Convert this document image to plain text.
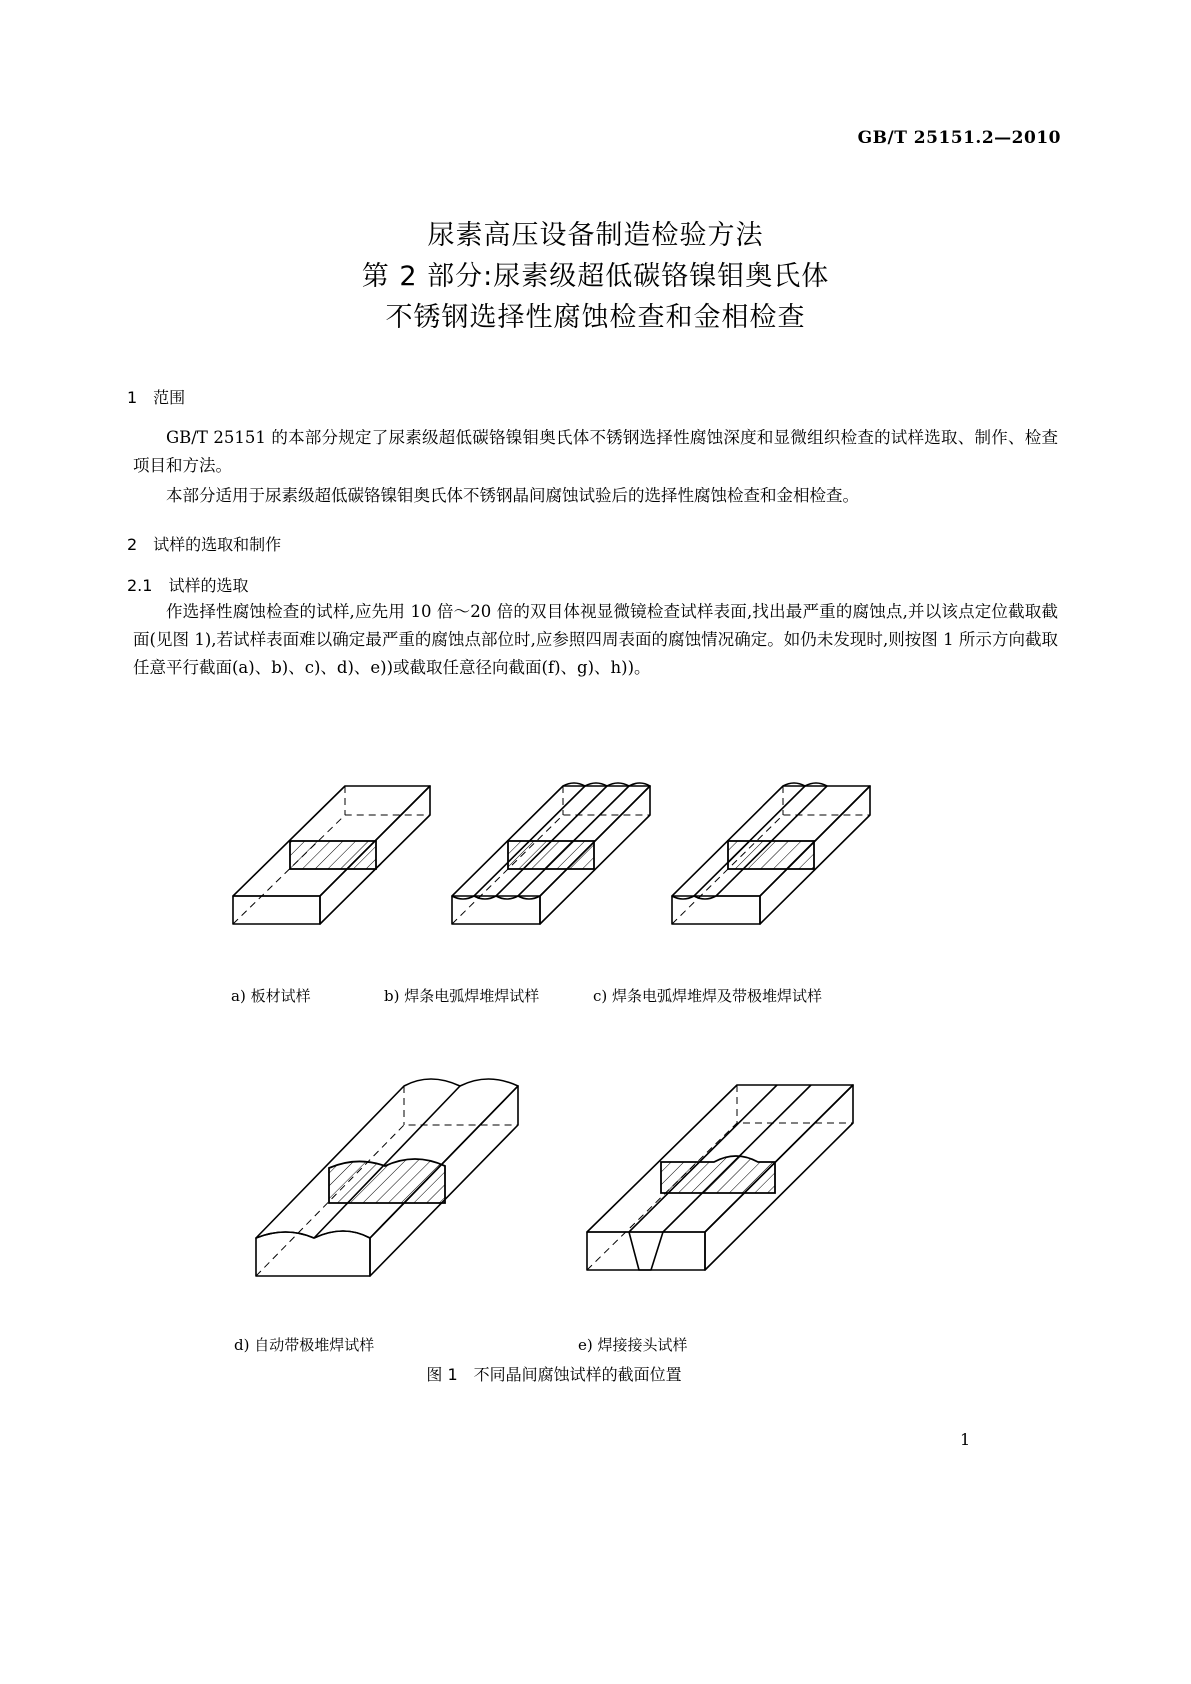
GB/T 25151.2—2010
尿素高压设备制造检验方法
第 2 部分:尿素级超低碳铬镍钼奥氏体
不锈钢选择性腐蚀检查和金相检查
1　范围
GB/T 25151 的本部分规定了尿素级超低碳铬镍钼奥氏体不锈钢选择性腐蚀深度和显微组织检查的试样选取、制作、检查项目和方法。
本部分适用于尿素级超低碳铬镍钼奥氏体不锈钢晶间腐蚀试验后的选择性腐蚀检查和金相检查。
2　试样的选取和制作
2.1　试样的选取
作选择性腐蚀检查的试样,应先用 10 倍～20 倍的双目体视显微镜检查试样表面,找出最严重的腐蚀点,并以该点定位截取截面(见图 1),若试样表面难以确定最严重的腐蚀点部位时,应参照四周表面的腐蚀情况确定。如仍未发现时,则按图 1 所示方向截取任意平行截面(a)、b)、c)、d)、e))或截取任意径向截面(f)、g)、h))。
a) 板材试样	b) 焊条电弧焊堆焊试样	c) 焊条电弧焊堆焊及带极堆焊试样
d) 自动带极堆焊试样	e) 焊接接头试样
图 1　不同晶间腐蚀试样的截面位置
1
